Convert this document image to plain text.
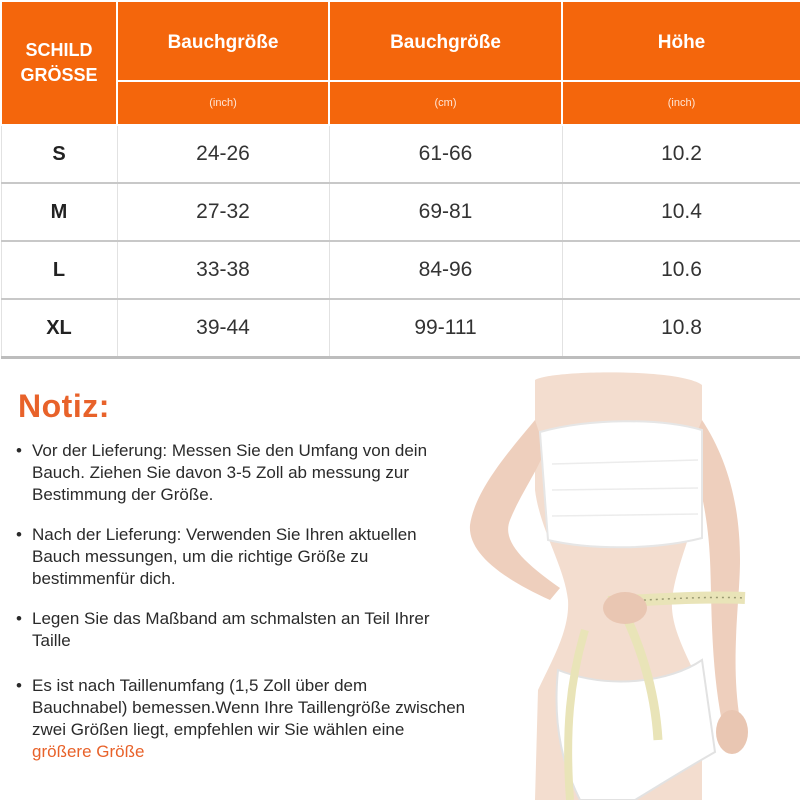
SCHILD
GRÖSSE	Bauchgröße	Bauchgröße	Höhe
	(inch)	(cm)	(inch)
S	24-26	61-66	10.2
M	27-32	69-81	10.4
L	33-38	84-96	10.6
XL	39-44	99-111	10.8
Notiz:
• Vor der Lieferung: Messen Sie den Umfang von dein Bauch. Ziehen Sie davon 3-5 Zoll ab messung zur Bestimmung der Größe.
• Nach der Lieferung: Verwenden Sie Ihren aktuellen Bauch messungen, um die richtige Größe zu bestimmenfür dich.
• Legen Sie das Maßband am schmalsten an Teil Ihrer Taille
• Es ist nach Taillenumfang (1,5 Zoll über dem Bauchnabel) bemessen.Wenn Ihre Taillengröße zwischen zwei Größen liegt, empfehlen wir Sie wählen eine größere Größe
